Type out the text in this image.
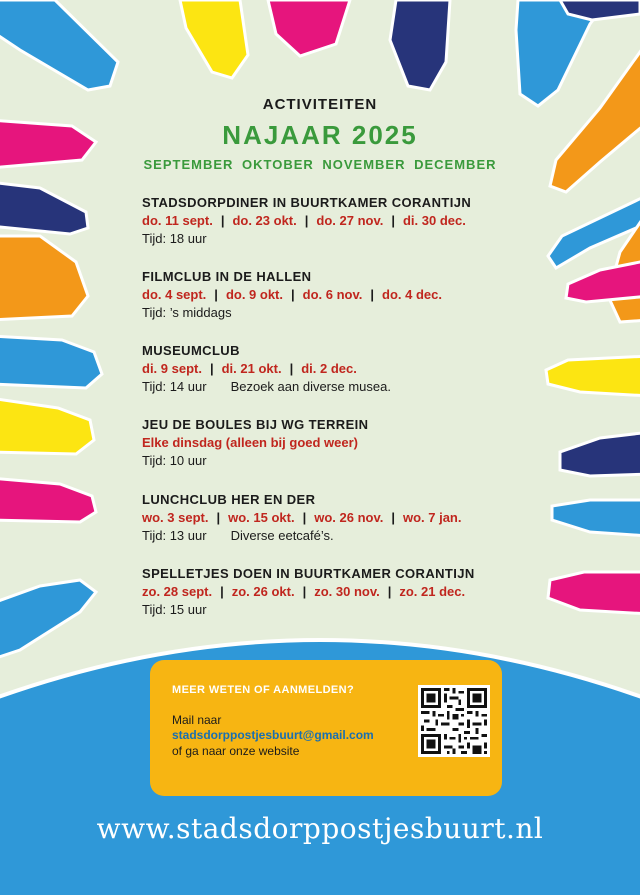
ACTIVITEITEN
NAJAAR 2025
SEPTEMBER OKTOBER NOVEMBER DECEMBER
STADSDORPDINER IN BUURTKAMER CORANTIJN
do. 11 sept. | do. 23 okt. | do. 27 nov. | di. 30 dec.
Tijd: 18 uur
FILMCLUB IN DE HALLEN
do. 4 sept. | do. 9 okt. | do. 6 nov. | do. 4 dec.
Tijd: ’s middags
MUSEUMCLUB
di. 9 sept. | di. 21 okt. | di. 2 dec.
Tijd: 14 uur Bezoek aan diverse musea.
JEU DE BOULES BIJ WG TERREIN
Elke dinsdag (alleen bij goed weer)
Tijd: 10 uur
LUNCHCLUB HER EN DER
wo. 3 sept. | wo. 15 okt. | wo. 26 nov. | wo. 7 jan.
Tijd: 13 uur Diverse eetcafé’s.
SPELLETJES DOEN IN BUURTKAMER CORANTIJN
zo. 28 sept. | zo. 26 okt. | zo. 30 nov. | zo. 21 dec.
Tijd: 15 uur
MEER WETEN OF AANMELDEN?
Mail naar
stadsdorppostjesbuurt@gmail.com
of ga naar onze website
www.stadsdorppostjesbuurt.nl
